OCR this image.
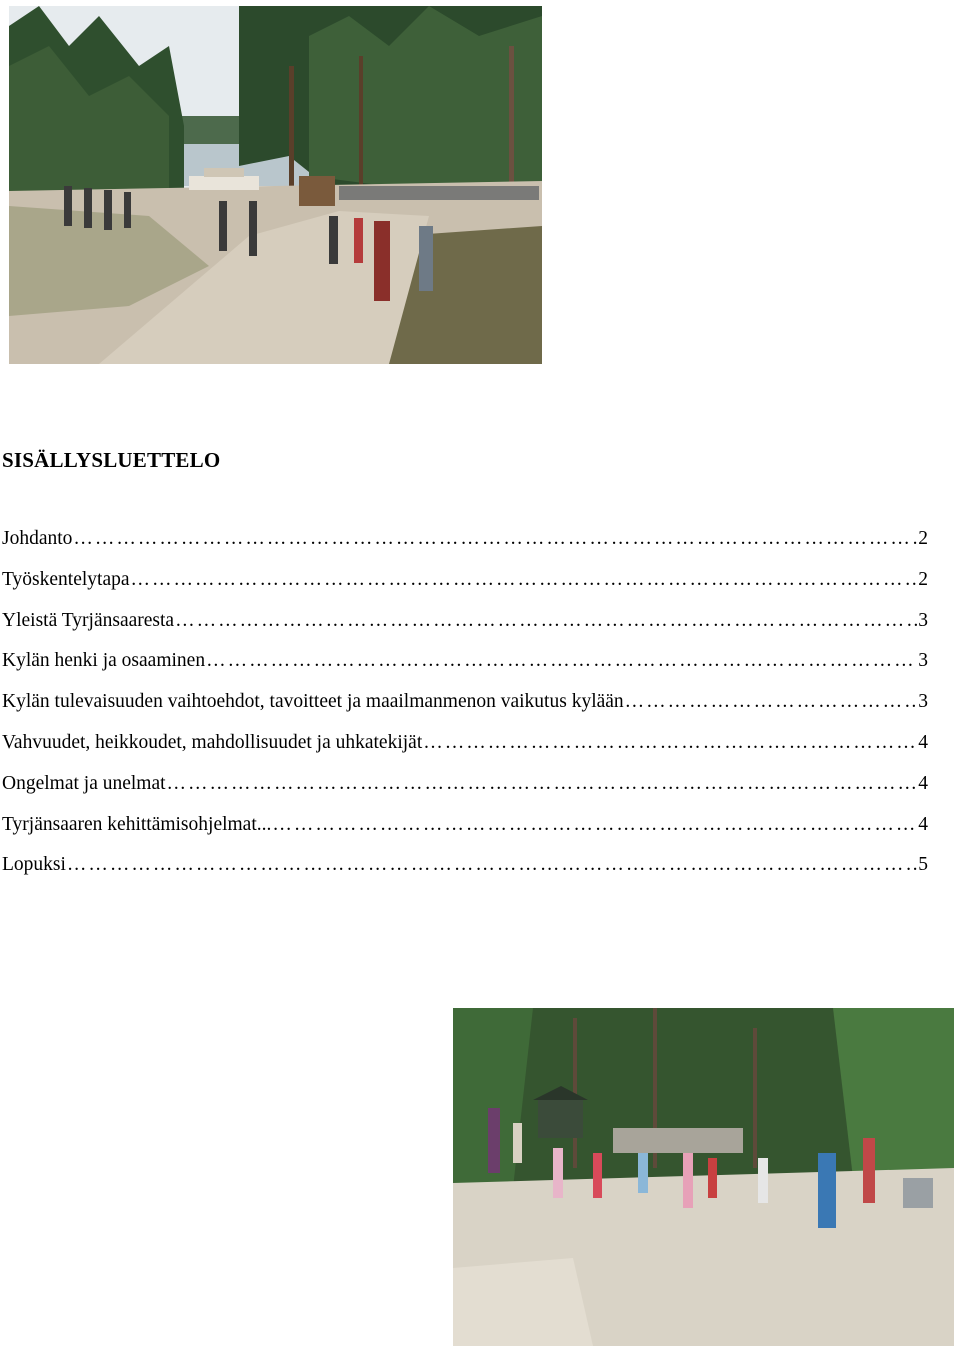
SISÄLLYSLUETTELO
Johdanto …………………………………………………………………………………………………………………………………………………	2
Työskentelytapa …………………………………………………………………………………………………………………………………………………	2
Yleistä Tyrjänsaaresta …………………………………………………………………………………………………………………………………………………	3
Kylän henki ja osaaminen …………………………………………………………………………………………………………………………………………………	3
Kylän tulevaisuuden vaihtoehdot, tavoitteet ja maailmanmenon vaikutus kylään …………………………………………………………………………………………………………………………………………………	3
Vahvuudet, heikkoudet, mahdollisuudet ja uhkatekijät …………………………………………………………………………………………………………………………………………………	4
Ongelmat ja unelmat …………………………………………………………………………………………………………………………………………………	4
Tyrjänsaaren kehittämisohjelmat... …………………………………………………………………………………………………………………………………………………	4
Lopuksi …………………………………………………………………………………………………………………………………………………	5
